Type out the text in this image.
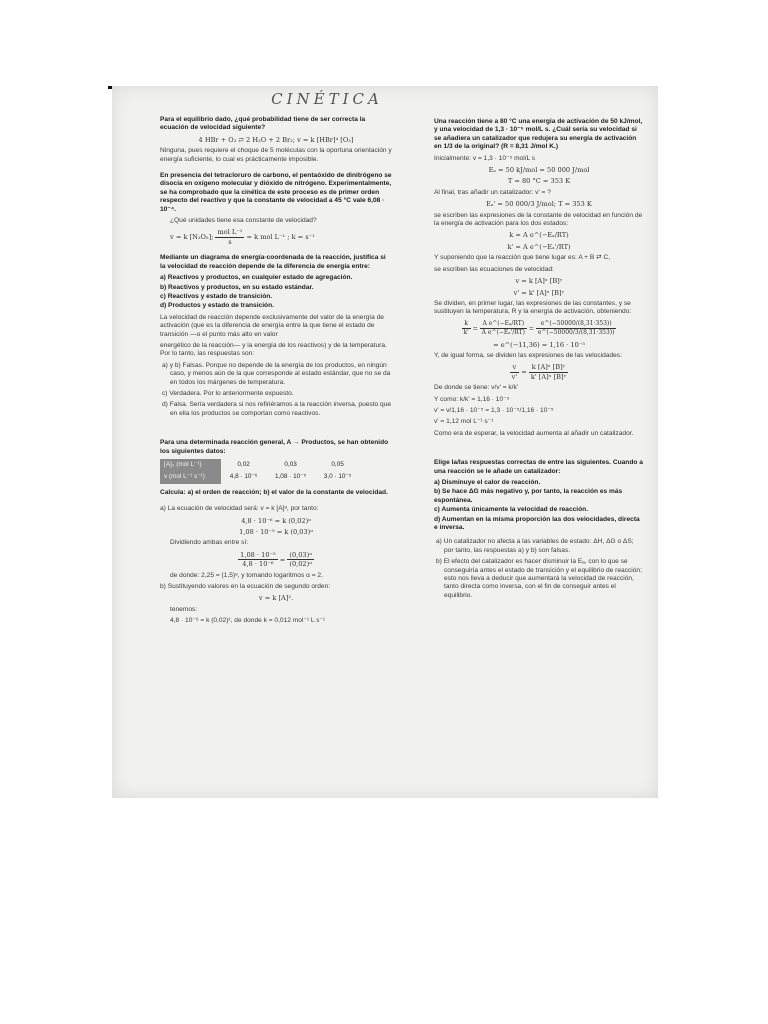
CINÉTICA
Para el equilibrio dado, ¿qué probabilidad tiene de ser correcta la ecuación de velocidad siguiente?
4 HBr + O₂ ⇄ 2 H₂O + 2 Br₂; v = k [HBr]⁴ [O₂]
Ninguna, pues requiere el choque de 5 moléculas con la oportuna orientación y energía suficiente, lo cual es prácticamente imposible.
En presencia del tetracloruro de carbono, el pentaóxido de dinitrógeno se disocia en oxígeno molecular y dióxido de nitrógeno. Experimentalmente, se ha comprobado que la cinética de este proceso es de primer orden respecto del reactivo y que la constante de velocidad a 45 °C vale 6,08 · 10⁻⁴.
¿Qué unidades tiene esa constante de velocidad?
v = k [N₂O₅]; $\frac{\text{mol L⁻¹}}{s} = k$ mol L⁻¹ ; k = s⁻¹
Mediante un diagrama de energía-coordenada de la reacción, justifica si la velocidad de reacción depende de la diferencia de energía entre:
a) Reactivos y productos, en cualquier estado de agregación.
b) Reactivos y productos, en su estado estándar.
c) Reactivos y estado de transición.
d) Productos y estado de transición.
La velocidad de reacción depende exclusivamente del valor de la energía de activación (que es la diferencia de energía entre la que tiene el estado de transición —o el punto más alto en valor
energético de la reacción— y la energía de los reactivos) y de la temperatura. Por lo tanto, las respuestas son:
a) y b) Falsas. Porque no depende de la energía de los productos, en ningún caso, y menos aún de la que corresponde al estado estándar, que no se da en todos los márgenes de temperatura.
c) Verdadera. Por lo anteriormente expuesto.
d) Falsa. Sería verdadera si nos refiriéramos a la reacción inversa, puesto que en ella los productos se comportan como reactivos.
Para una determinada reacción general, A → Productos, se han obtenido los siguientes datos:
[A]₀ (mol L⁻¹)	0,02	0,03	0,05
v (mol L⁻¹ s⁻¹)	4,8 · 10⁻⁶	1,08 · 10⁻⁵	3,0 · 10⁻⁵
Calcula: a) el orden de reacción; b) el valor de la constante de velocidad.
a) La ecuación de velocidad será: v = k [A]ᵅ, por tanto:
4,8 · 10⁻⁶ = k (0,02)ᵅ
1,08 · 10⁻⁵ = k (0,03)ᵅ
Dividiendo ambas entre sí:
$\frac{\text{1,08 · 10⁻⁵}}{\text{4,8 · 10⁻⁶}} = \frac{\text{(0,03)ᵅ}}{\text{(0,02)ᵅ}}$
de donde: 2,25 = (1,5)ᵅ, y tomando logaritmos α = 2.
b) Sustituyendo valores en la ecuación de segundo orden:
v = k [A]².
tenemos:
4,8 · 10⁻⁶ = k (0,02)², de donde k = 0,012 mol⁻¹ L s⁻¹
Una reacción tiene a 80 °C una energía de activación de 50 kJ/mol, y una velocidad de 1,3 · 10⁻⁵ mol/L s. ¿Cuál sería su velocidad si se añadiera un catalizador que redujera su energía de activación en 1/3 de la original? (R = 8,31 J/mol K.)
Inicialmente: v = 1,3 · 10⁻⁵ mol/L s
Eₐ = 50 kJ/mol = 50 000 J/mol
T = 80 °C = 353 K
Al final, tras añadir un catalizador: v' = ?
Eₐ' = 50 000/3 J/mol; T = 353 K
se escriben las expresiones de la constante de velocidad en función de la energía de activación para los dos estados:
k = A e^(−Eₐ/RT)
k' = A e^(−Eₐ'/RT)
Y suponiendo que la reacción que tiene lugar es: A + B ⇄ C,
se escriben las ecuaciones de velocidad:
v = k [A]ˣ [B]ʸ
v' = k' [A]ˣ [B]ʸ
Se dividen, en primer lugar, las expresiones de las constantes, y se sustituyen la temperatura, R y la energía de activación, obteniendo:
$\frac{k}{k'} = \frac{\text{A e\textasciicircum{}(−Eₐ/RT)}}{\text{A e\textasciicircum{}(−Eₐ'/RT)}} = \frac{e\^{}(-50000/(8,31\cdot 353))}{e\^{}(-50000/3/(8,31\cdot 353))}$
= e^(−11,36) = 1,16 · 10⁻⁵
Y, de igual forma, se dividen las expresiones de las velocidades:
$\frac{v}{v'} = \frac{\text{k [A]ˣ [B]ʸ}}{\text{k' [A]ˣ [B]ʸ}}$
De donde se tiene: v/v' = k/k'
Y como: k/k' = 1,16 · 10⁻⁵
v' = v/1,16 · 10⁻⁵ = 1,3 · 10⁻⁵/1,16 · 10⁻⁵
v' = 1,12 mol L⁻¹ s⁻¹
Como era de esperar, la velocidad aumenta al añadir un catalizador.
Elige la/las respuestas correctas de entre las siguientes. Cuando a una reacción se le añade un catalizador:
a) Disminuye el calor de reacción.
b) Se hace ΔG más negativo y, por tanto, la reacción es más espontánea.
c) Aumenta únicamente la velocidad de reacción.
d) Aumentan en la misma proporción las dos velocidades, directa e inversa.
a) Un catalizador no afecta a las variables de estado: ΔH, ΔG o ΔS; por tanto, las respuestas a) y b) son falsas.
b) El efecto del catalizador es hacer disminuir la Eₐ, con lo que se conseguiría antes el estado de transición y el equilibrio de reacción; esto nos lleva a deducir que aumentará la velocidad de reacción, tanto directa como inversa, con el fin de conseguir antes el equilibrio.
